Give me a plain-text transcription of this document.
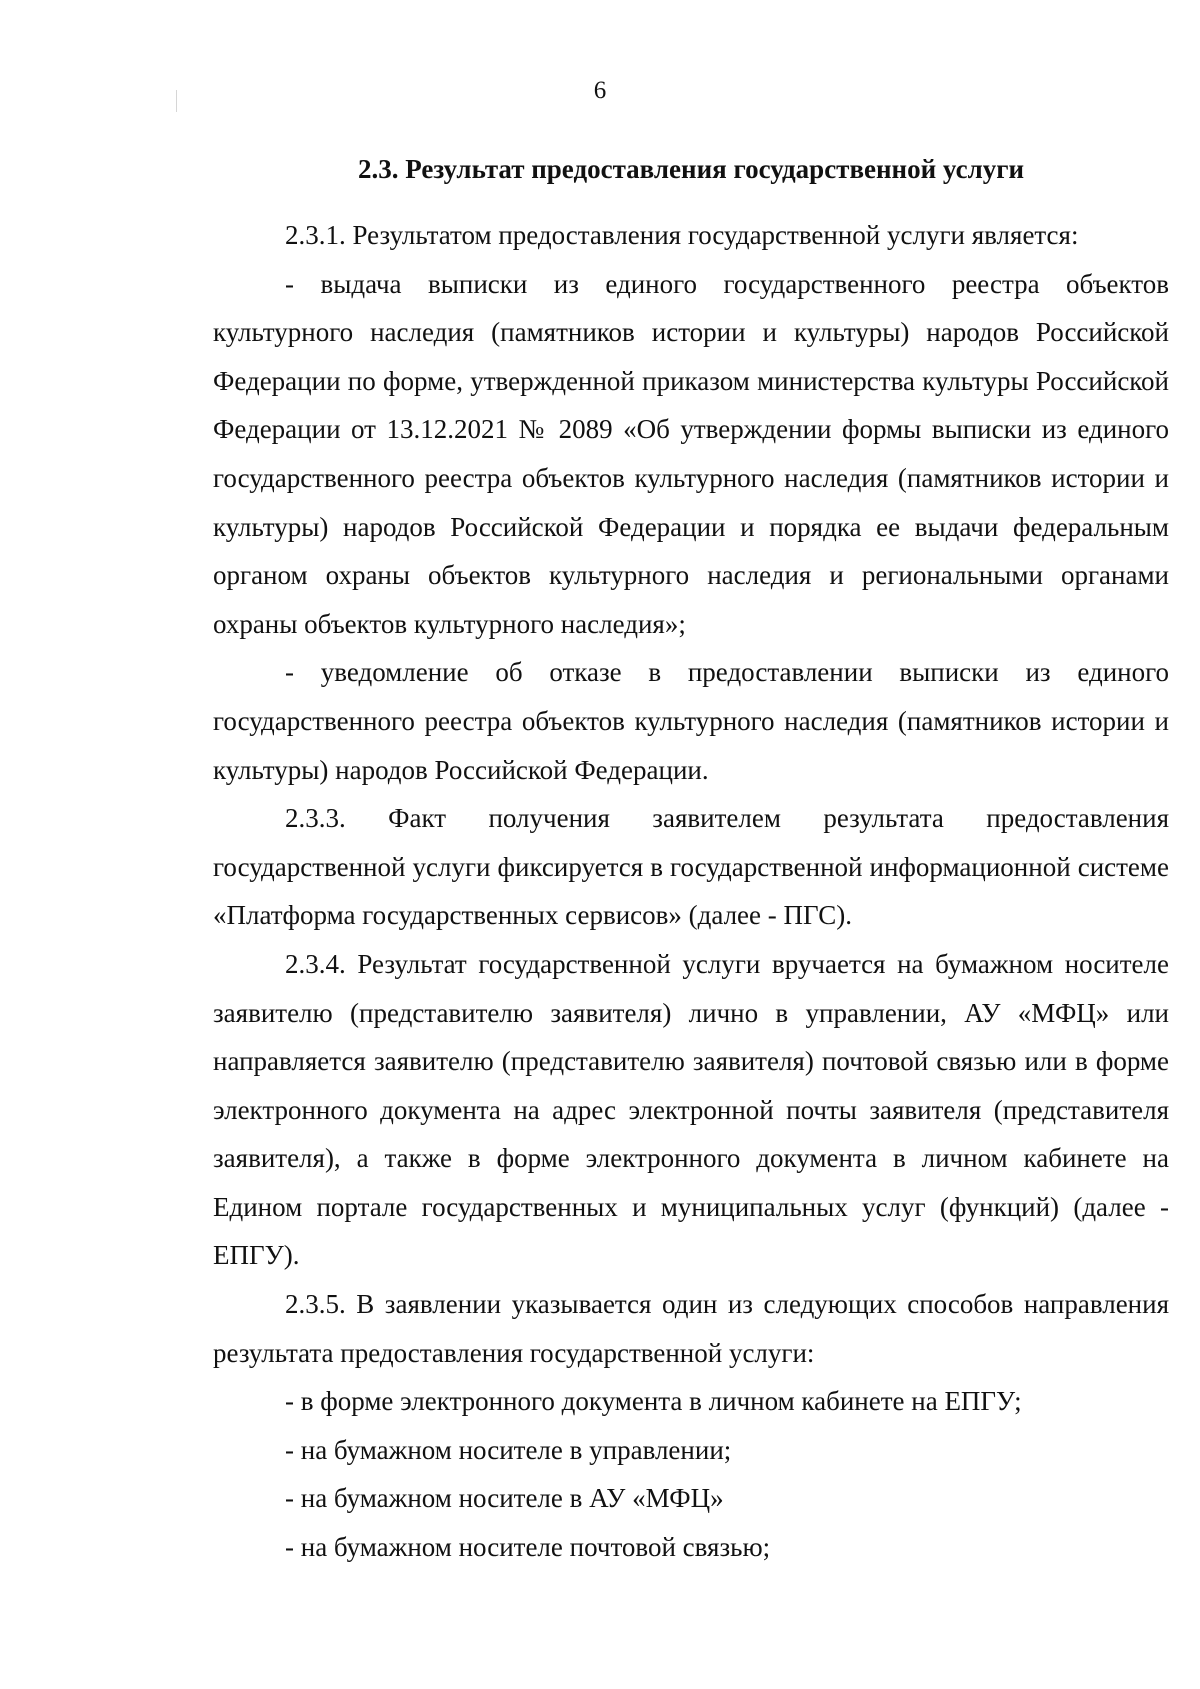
6
2.3. Результат предоставления государственной услуги

2.3.1. Результатом предоставления государственной услуги является:

- выдача выписки из единого государственного реестра объектов культурного наследия (памятников истории и культуры) народов Российской Федерации по форме, утвержденной приказом министерства культуры Российской Федерации от 13.12.2021 № 2089 «Об утверждении формы выписки из единого государственного реестра объектов культурного наследия (памятников истории и культуры) народов Российской Федерации и порядка ее выдачи федеральным органом охраны объектов культурного наследия и региональными органами охраны объектов культурного наследия»;

- уведомление об отказе в предоставлении выписки из единого государственного реестра объектов культурного наследия (памятников истории и культуры) народов Российской Федерации.

2.3.3. Факт получения заявителем результата предоставления государственной услуги фиксируется в государственной информационной системе «Платформа государственных сервисов» (далее - ПГС).

2.3.4. Результат государственной услуги вручается на бумажном носителе заявителю (представителю заявителя) лично в управлении, АУ «МФЦ» или направляется заявителю (представителю заявителя) почтовой связью или в форме электронного документа на адрес электронной почты заявителя (представителя заявителя), а также в форме электронного документа в личном кабинете на Едином портале государственных и муниципальных услуг (функций) (далее - ЕПГУ).

2.3.5. В заявлении указывается один из следующих способов направления результата предоставления государственной услуги:

- в форме электронного документа в личном кабинете на ЕПГУ;

- на бумажном носителе в управлении;

- на бумажном носителе в АУ «МФЦ»

- на бумажном носителе почтовой связью;
